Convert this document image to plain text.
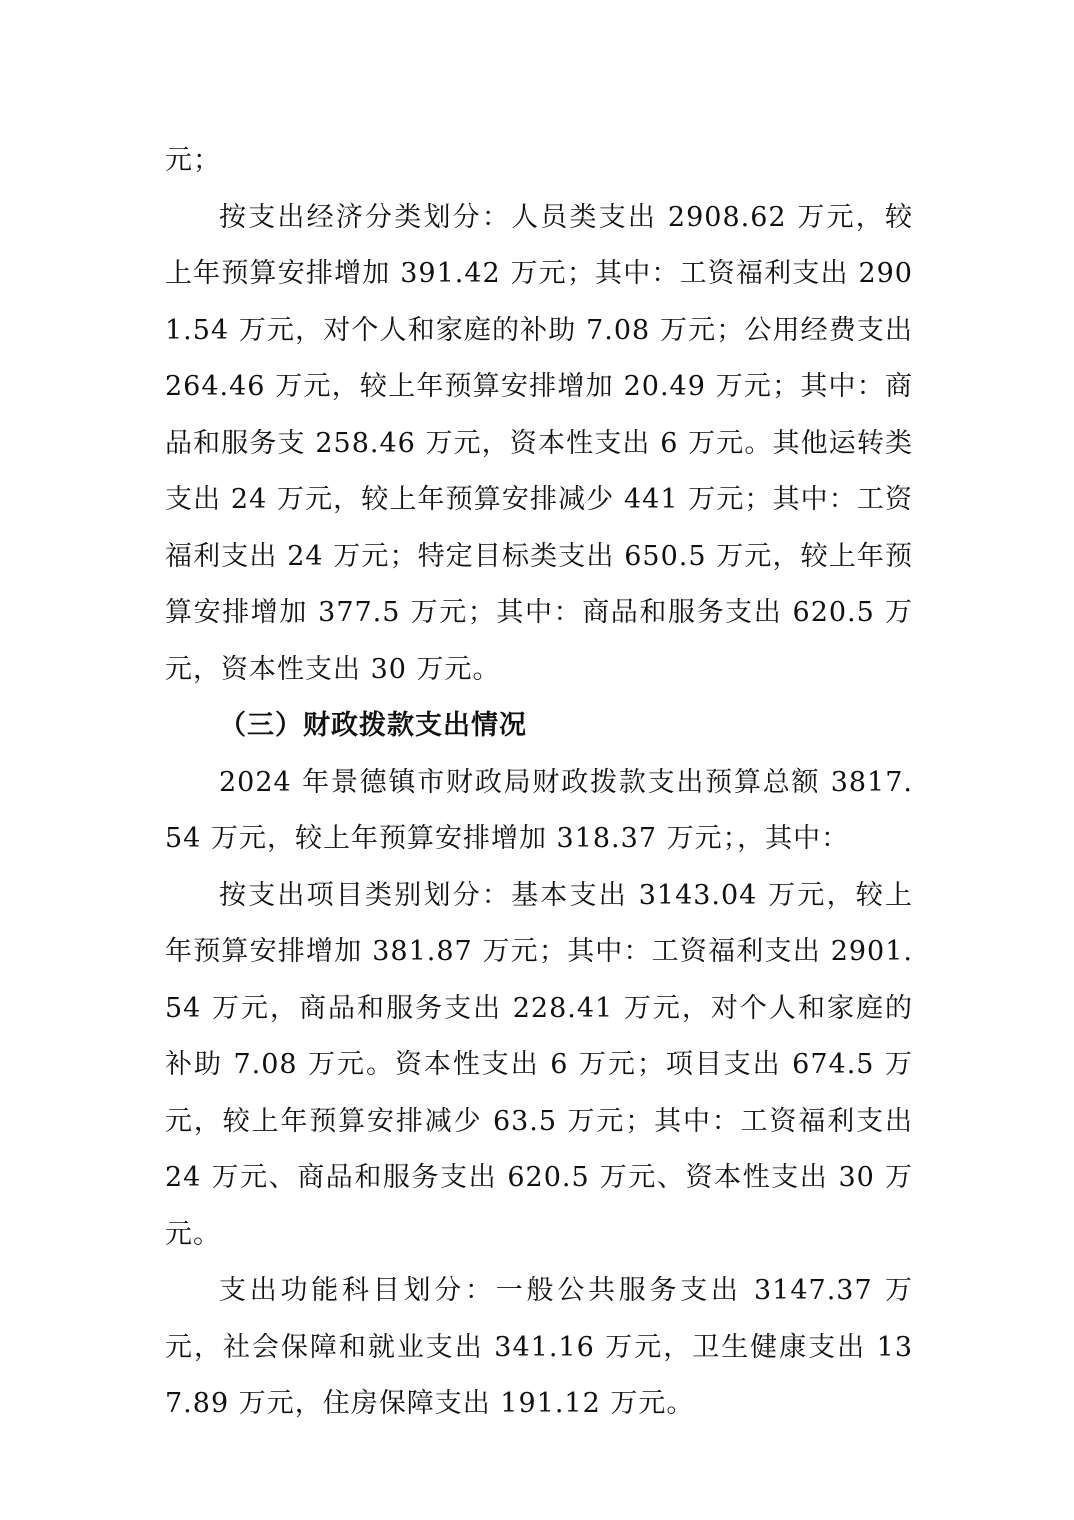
元；

按支出经济分类划分：人员类支出 2908.62 万元，较上年预算安排增加 391.42 万元；其中：工资福利支出 2901.54 万元，对个人和家庭的补助 7.08 万元；公用经费支出 264.46 万元，较上年预算安排增加 20.49 万元；其中：商品和服务支 258.46 万元，资本性支出 6 万元。其他运转类支出 24 万元，较上年预算安排减少 441 万元；其中：工资福利支出 24 万元；特定目标类支出 650.5 万元，较上年预算安排增加 377.5 万元；其中：商品和服务支出 620.5 万元，资本性支出 30 万元。

（三）财政拨款支出情况

2024 年景德镇市财政局财政拨款支出预算总额 3817.54 万元，较上年预算安排增加 318.37 万元；，其中：

按支出项目类别划分：基本支出 3143.04 万元，较上年预算安排增加 381.87 万元；其中：工资福利支出 2901.54 万元，商品和服务支出 228.41 万元，对个人和家庭的补助 7.08 万元。资本性支出 6 万元；项目支出 674.5 万元，较上年预算安排减少 63.5 万元；其中：工资福利支出 24 万元、商品和服务支出 620.5 万元、资本性支出 30 万元。

支出功能科目划分：一般公共服务支出 3147.37 万元，社会保障和就业支出 341.16 万元，卫生健康支出 137.89 万元，住房保障支出 191.12 万元。
